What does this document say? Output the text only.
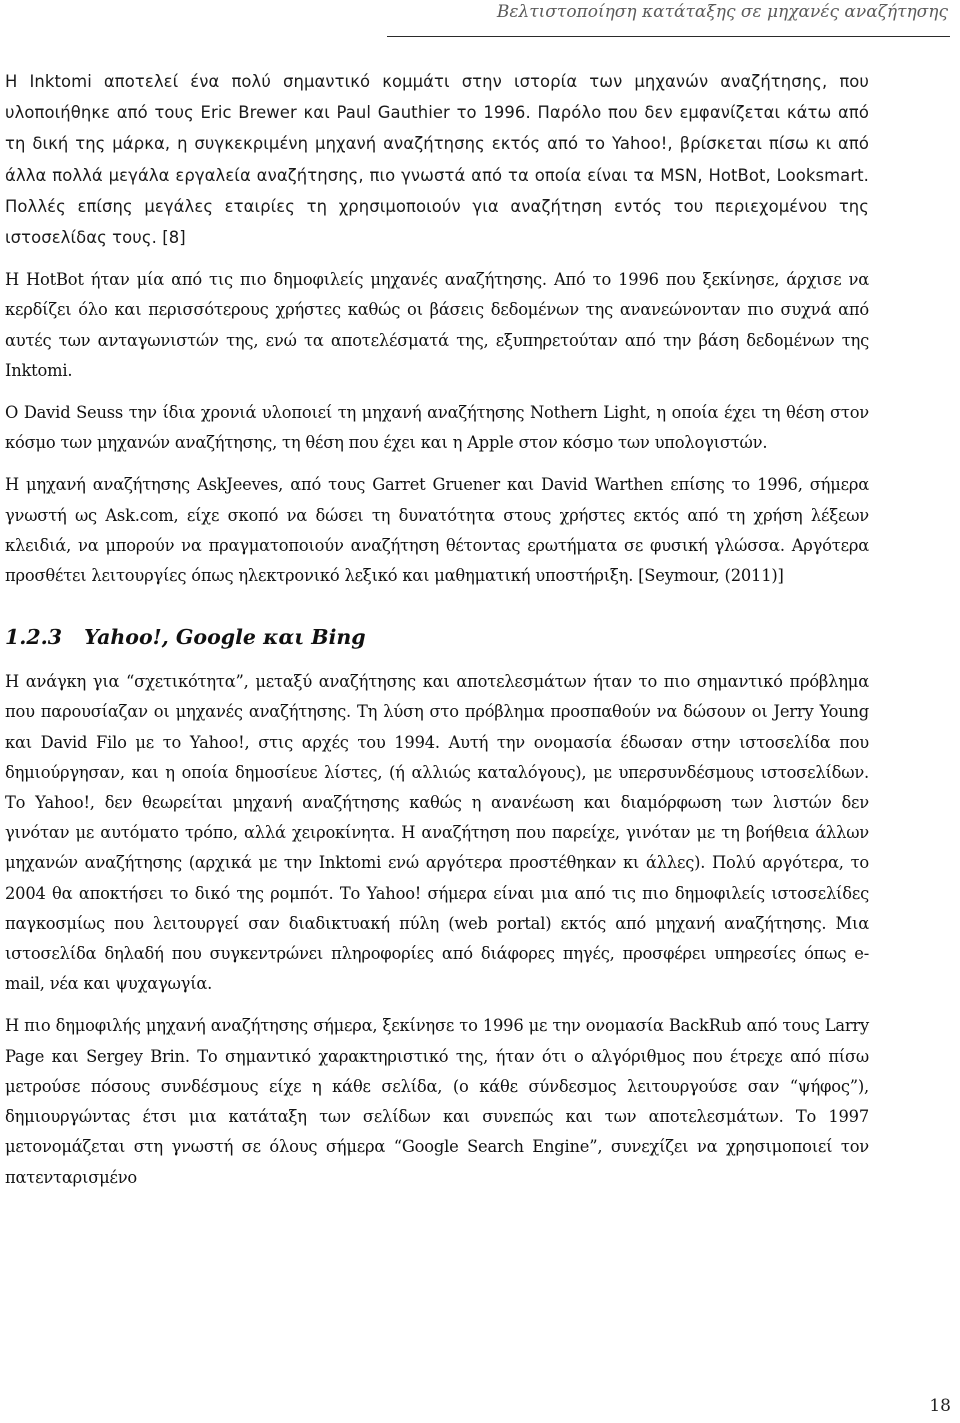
Βελτιστοποίηση κατάταξης σε μηχανές αναζήτησης

Η Inktomi αποτελεί ένα πολύ σημαντικό κομμάτι στην ιστορία των μηχανών αναζήτησης, που υλοποιήθηκε από τους Eric Brewer και Paul Gauthier το 1996. Παρόλο που δεν εμφανίζεται κάτω από τη δική της μάρκα, η συγκεκριμένη μηχανή αναζήτησης εκτός από το Yahoo!, βρίσκεται πίσω κι από άλλα πολλά μεγάλα εργαλεία αναζήτησης, πιο γνωστά από τα οποία είναι τα MSN, HotBot, Looksmart. Πολλές επίσης μεγάλες εταιρίες τη χρησιμοποιούν για αναζήτηση εντός του περιεχομένου της ιστοσελίδας τους. [8]

Η HotBot ήταν μία από τις πιο δημοφιλείς μηχανές αναζήτησης. Από το 1996 που ξεκίνησε, άρχισε να κερδίζει όλο και περισσότερους χρήστες καθώς οι βάσεις δεδομένων της ανανεώνονταν πιο συχνά από αυτές των ανταγωνιστών της, ενώ τα αποτελέσματά της, εξυπηρετούταν από την βάση δεδομένων της Inktomi.

Ο David Seuss την ίδια χρονιά υλοποιεί τη μηχανή αναζήτησης Nothern Light, η οποία έχει τη θέση στον κόσμο των μηχανών αναζήτησης, τη θέση που έχει και η Apple στον κόσμο των υπολογιστών.

Η μηχανή αναζήτησης AskJeeves, από τους Garret Gruener και David Warthen επίσης το 1996, σήμερα γνωστή ως Ask.com, είχε σκοπό να δώσει τη δυνατότητα στους χρήστες εκτός από τη χρήση λέξεων κλειδιά, να μπορούν να πραγματοποιούν αναζήτηση θέτοντας ερωτήματα σε φυσική γλώσσα. Αργότερα προσθέτει λειτουργίες όπως ηλεκτρονικό λεξικό και μαθηματική υποστήριξη. [Seymour, (2011)]

1.2.3 Yahoo!, Google και Bing

Η ανάγκη για “σχετικότητα”, μεταξύ αναζήτησης και αποτελεσμάτων ήταν το πιο σημαντικό πρόβλημα που παρουσίαζαν οι μηχανές αναζήτησης. Τη λύση στο πρόβλημα προσπαθούν να δώσουν οι Jerry Young και David Filo με το Yahoo!, στις αρχές του 1994. Αυτή την ονομασία έδωσαν στην ιστοσελίδα που δημιούργησαν, και η οποία δημοσίευε λίστες, (ή αλλιώς καταλόγους), με υπερσυνδέσμους ιστοσελίδων. Το Yahoo!, δεν θεωρείται μηχανή αναζήτησης καθώς η ανανέωση και διαμόρφωση των λιστών δεν γινόταν με αυτόματο τρόπο, αλλά χειροκίνητα. Η αναζήτηση που παρείχε, γινόταν με τη βοήθεια άλλων μηχανών αναζήτησης (αρχικά με την Inktomi ενώ αργότερα προστέθηκαν κι άλλες). Πολύ αργότερα, το 2004 θα αποκτήσει το δικό της ρομπότ. Το Yahoo! σήμερα είναι μια από τις πιο δημοφιλείς ιστοσελίδες παγκοσμίως που λειτουργεί σαν διαδικτυακή πύλη (web portal) εκτός από μηχανή αναζήτησης. Μια ιστοσελίδα δηλαδή που συγκεντρώνει πληροφορίες από διάφορες πηγές, προσφέρει υπηρεσίες όπως e-mail, νέα και ψυχαγωγία.

Η πιο δημοφιλής μηχανή αναζήτησης σήμερα, ξεκίνησε το 1996 με την ονομασία BackRub από τους Larry Page και Sergey Brin. Το σημαντικό χαρακτηριστικό της, ήταν ότι ο αλγόριθμος που έτρεχε από πίσω μετρούσε πόσους συνδέσμους είχε η κάθε σελίδα, (ο κάθε σύνδεσμος λειτουργούσε σαν “ψήφος”), δημιουργώντας έτσι μια κατάταξη των σελίδων και συνεπώς και των αποτελεσμάτων. Το 1997 μετονομάζεται στη γνωστή σε όλους σήμερα “Google Search Engine”, συνεχίζει να χρησιμοποιεί τον πατενταρισμένο

18
